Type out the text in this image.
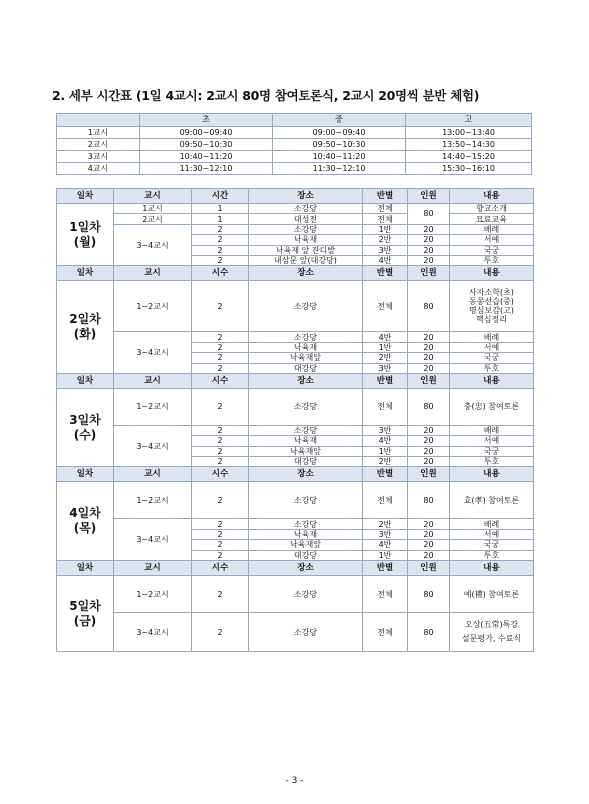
2. 세부 시간표 (1일 4교시: 2교시 80명 참여토론식, 2교시 20명씩 분반 체험)
	초	중	고
1교시	09:00~09:40	09:00~09:40	13:00~13:40
2교시	09:50~10:30	09:50~10:30	13:50~14:30
3교시	10:40~11:20	10:40~11:20	14:40~15:20
4교시	11:30~12:10	11:30~12:10	15:30~16:10
일차	교시	시간	장소	반별	인원	내용
1일차
(월)	1교시	1	소강당	전체	80	향교소개
	2교시	1	대성전	전체		묘료교육
	3~4교시	2	소강당	1반	20	배례
		2	낙육재	2반	20	서예
		2	낙육재 앞 잔디밭	3반	20	국궁
		2	내삼문 앞(대강당)	4반	20	투호
일차	교시	시수	장소	반별	인원	내용
2일차
(화)	1~2교시	2	소강당	전체	80	사자소학(초)
동몽선습(중)
명심보감(고)
핵심정리
	3~4교시	2	소강당	4반	20	배례
		2	낙육재	1반	20	서예
		2	낙육재앞	2반	20	국궁
		2	대강당	3반	20	투호
일차	교시	시수	장소	반별	인원	내용
3일차
(수)	1~2교시	2	소강당	전체	80	충(忠) 참여토론
	3~4교시	2	소강당	3반	20	배례
		2	낙육재	4반	20	서예
		2	낙육재앞	1반	20	국궁
		2	대강당	2반	20	투호
일차	교시	시수	장소	반별	인원	내용
4일차
(목)	1~2교시	2	소강당	전체	80	효(孝) 참여토론
	3~4교시	2	소강당	2반	20	배례
		2	낙육재	3반	20	서예
		2	낙육재앞	4반	20	국궁
		2	대강당	1반	20	투호
일차	교시	시수	장소	반별	인원	내용
5일차
(금)	1~2교시	2	소강당	전체	80	예(禮) 참여토론
	3~4교시	2	소강당	전체	80	오상(五常)특강
설문평가, 수료식
- 3 -
